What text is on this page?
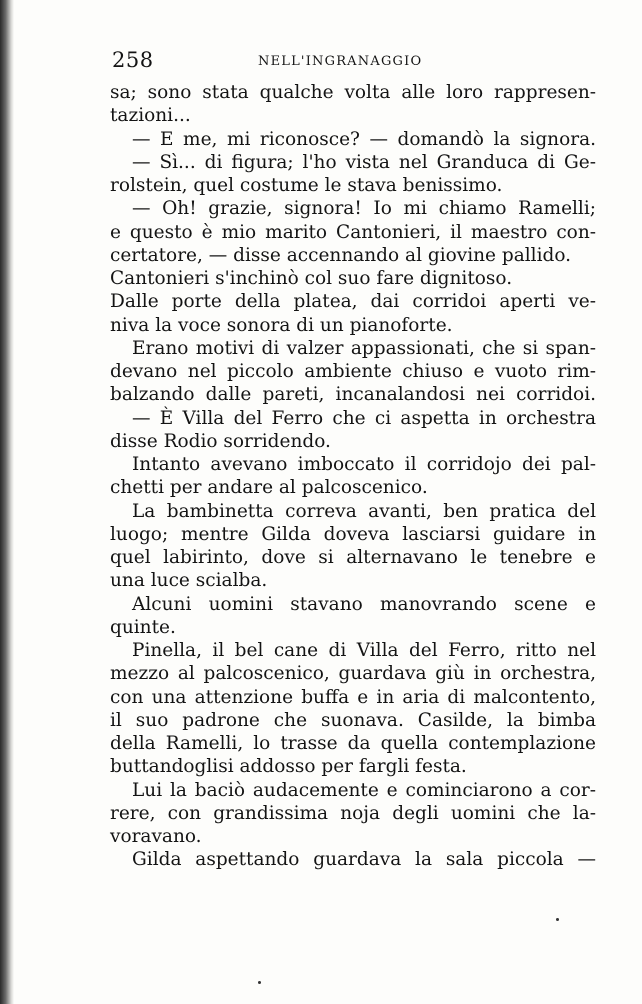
258	NELL'INGRANAGGIO
sa; sono stata qualche volta alle loro rappresen-
tazioni...
— E me, mi riconosce? — domandò la signora.
— Sì... di figura; l'ho vista nel Granduca di Ge-
rolstein, quel costume le stava benissimo.
— Oh! grazie, signora! Io mi chiamo Ramelli;
e questo è mio marito Cantonieri, il maestro con-
certatore, — disse accennando al giovine pallido.
Cantonieri s'inchinò col suo fare dignitoso.
Dalle porte della platea, dai corridoi aperti ve-
niva la voce sonora di un pianoforte.
Erano motivi di valzer appassionati, che si span-
devano nel piccolo ambiente chiuso e vuoto rim-
balzando dalle pareti, incanalandosi nei corridoi.
— È Villa del Ferro che ci aspetta in orchestra
disse Rodio sorridendo.
Intanto avevano imboccato il corridojo dei pal-
chetti per andare al palcoscenico.
La bambinetta correva avanti, ben pratica del
luogo; mentre Gilda doveva lasciarsi guidare in
quel labirinto, dove si alternavano le tenebre e
una luce scialba.
Alcuni uomini stavano manovrando scene e
quinte.
Pinella, il bel cane di Villa del Ferro, ritto nel
mezzo al palcoscenico, guardava giù in orchestra,
con una attenzione buffa e in aria di malcontento,
il suo padrone che suonava. Casilde, la bimba
della Ramelli, lo trasse da quella contemplazione
buttandoglisi addosso per fargli festa.
Lui la baciò audacemente e cominciarono a cor-
rere, con grandissima noja degli uomini che la-
voravano.
Gilda aspettando guardava la sala piccola —
